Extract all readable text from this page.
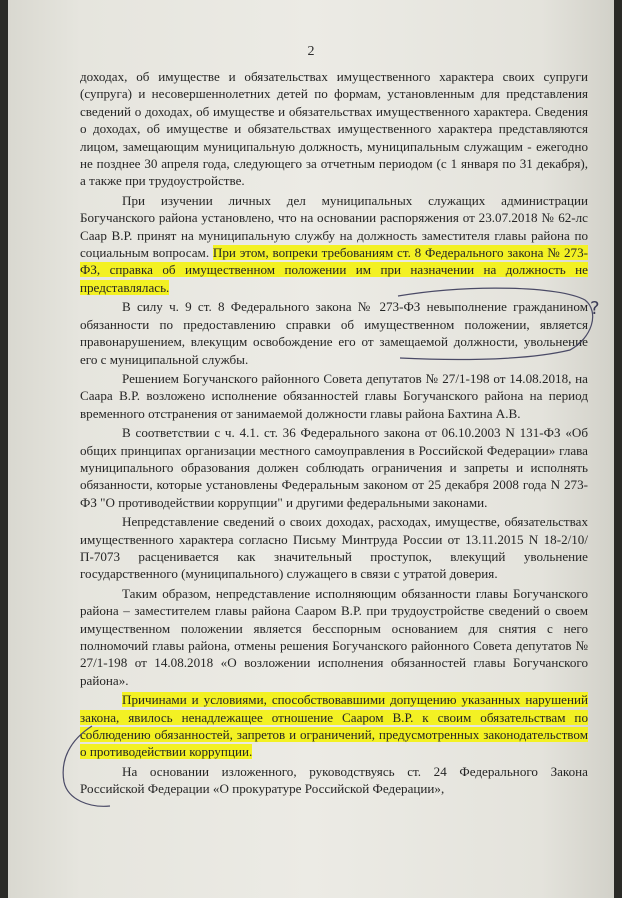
2

доходах, об имуществе и обязательствах имущественного характера своих супруги (супруга) и несовершеннолетних детей по формам, установленным для представления сведений о доходах, об имуществе и обязательствах имущественного характера. Сведения о доходах, об имуществе и обязательствах имущественного характера представляются лицом, замещающим муниципальную должность, муниципальным служащим - ежегодно не позднее 30 апреля года, следующего за отчетным периодом (с 1 января по 31 декабря), а также при трудоустройстве.

При изучении личных дел муниципальных служащих администрации Богучанского района установлено, что на основании распоряжения от 23.07.2018 № 62-лс Саар В.Р. принят на муниципальную службу на должность заместителя главы района по социальным вопросам. При этом, вопреки требованиям ст. 8 Федерального закона № 273-ФЗ, справка об имущественном положении им при назначении на должность не представлялась.

В силу ч. 9 ст. 8 Федерального закона № 273-ФЗ невыполнение гражданином обязанности по предоставлению справки об имущественном положении, является правонарушением, влекущим освобождение его от замещаемой должности, увольнение его с муниципальной службы.

Решением Богучанского районного Совета депутатов № 27/1-198 от 14.08.2018, на Саара В.Р. возложено исполнение обязанностей главы Богучанского района на период временного отстранения от занимаемой должности главы района Бахтина А.В.

В соответствии с ч. 4.1. ст. 36 Федерального закона от 06.10.2003 N 131-ФЗ «Об общих принципах организации местного самоуправления в Российской Федерации» глава муниципального образования должен соблюдать ограничения и запреты и исполнять обязанности, которые установлены Федеральным законом от 25 декабря 2008 года N 273-ФЗ "О противодействии коррупции" и другими федеральными законами.

Непредставление сведений о своих доходах, расходах, имуществе, обязательствах имущественного характера согласно Письму Минтруда России от 13.11.2015 N 18-2/10/П-7073 расценивается как значительный проступок, влекущий увольнение государственного (муниципального) служащего в связи с утратой доверия.

Таким образом, непредставление исполняющим обязанности главы Богучанского района – заместителем главы района Сааром В.Р. при трудоустройстве сведений о своем имущественном положении является бесспорным основанием для снятия с него полномочий главы района, отмены решения Богучанского районного Совета депутатов № 27/1-198 от 14.08.2018 «О возложении исполнения обязанностей главы Богучанского района».

Причинами и условиями, способствовавшими допущению указанных нарушений закона, явилось ненадлежащее отношение Сааром В.Р. к своим обязательствам по соблюдению обязанностей, запретов и ограничений, предусмотренных законодательством о противодействии коррупции.

На основании изложенного, руководствуясь ст. 24 Федерального Закона Российской Федерации «О прокуратуре Российской Федерации»,

?
